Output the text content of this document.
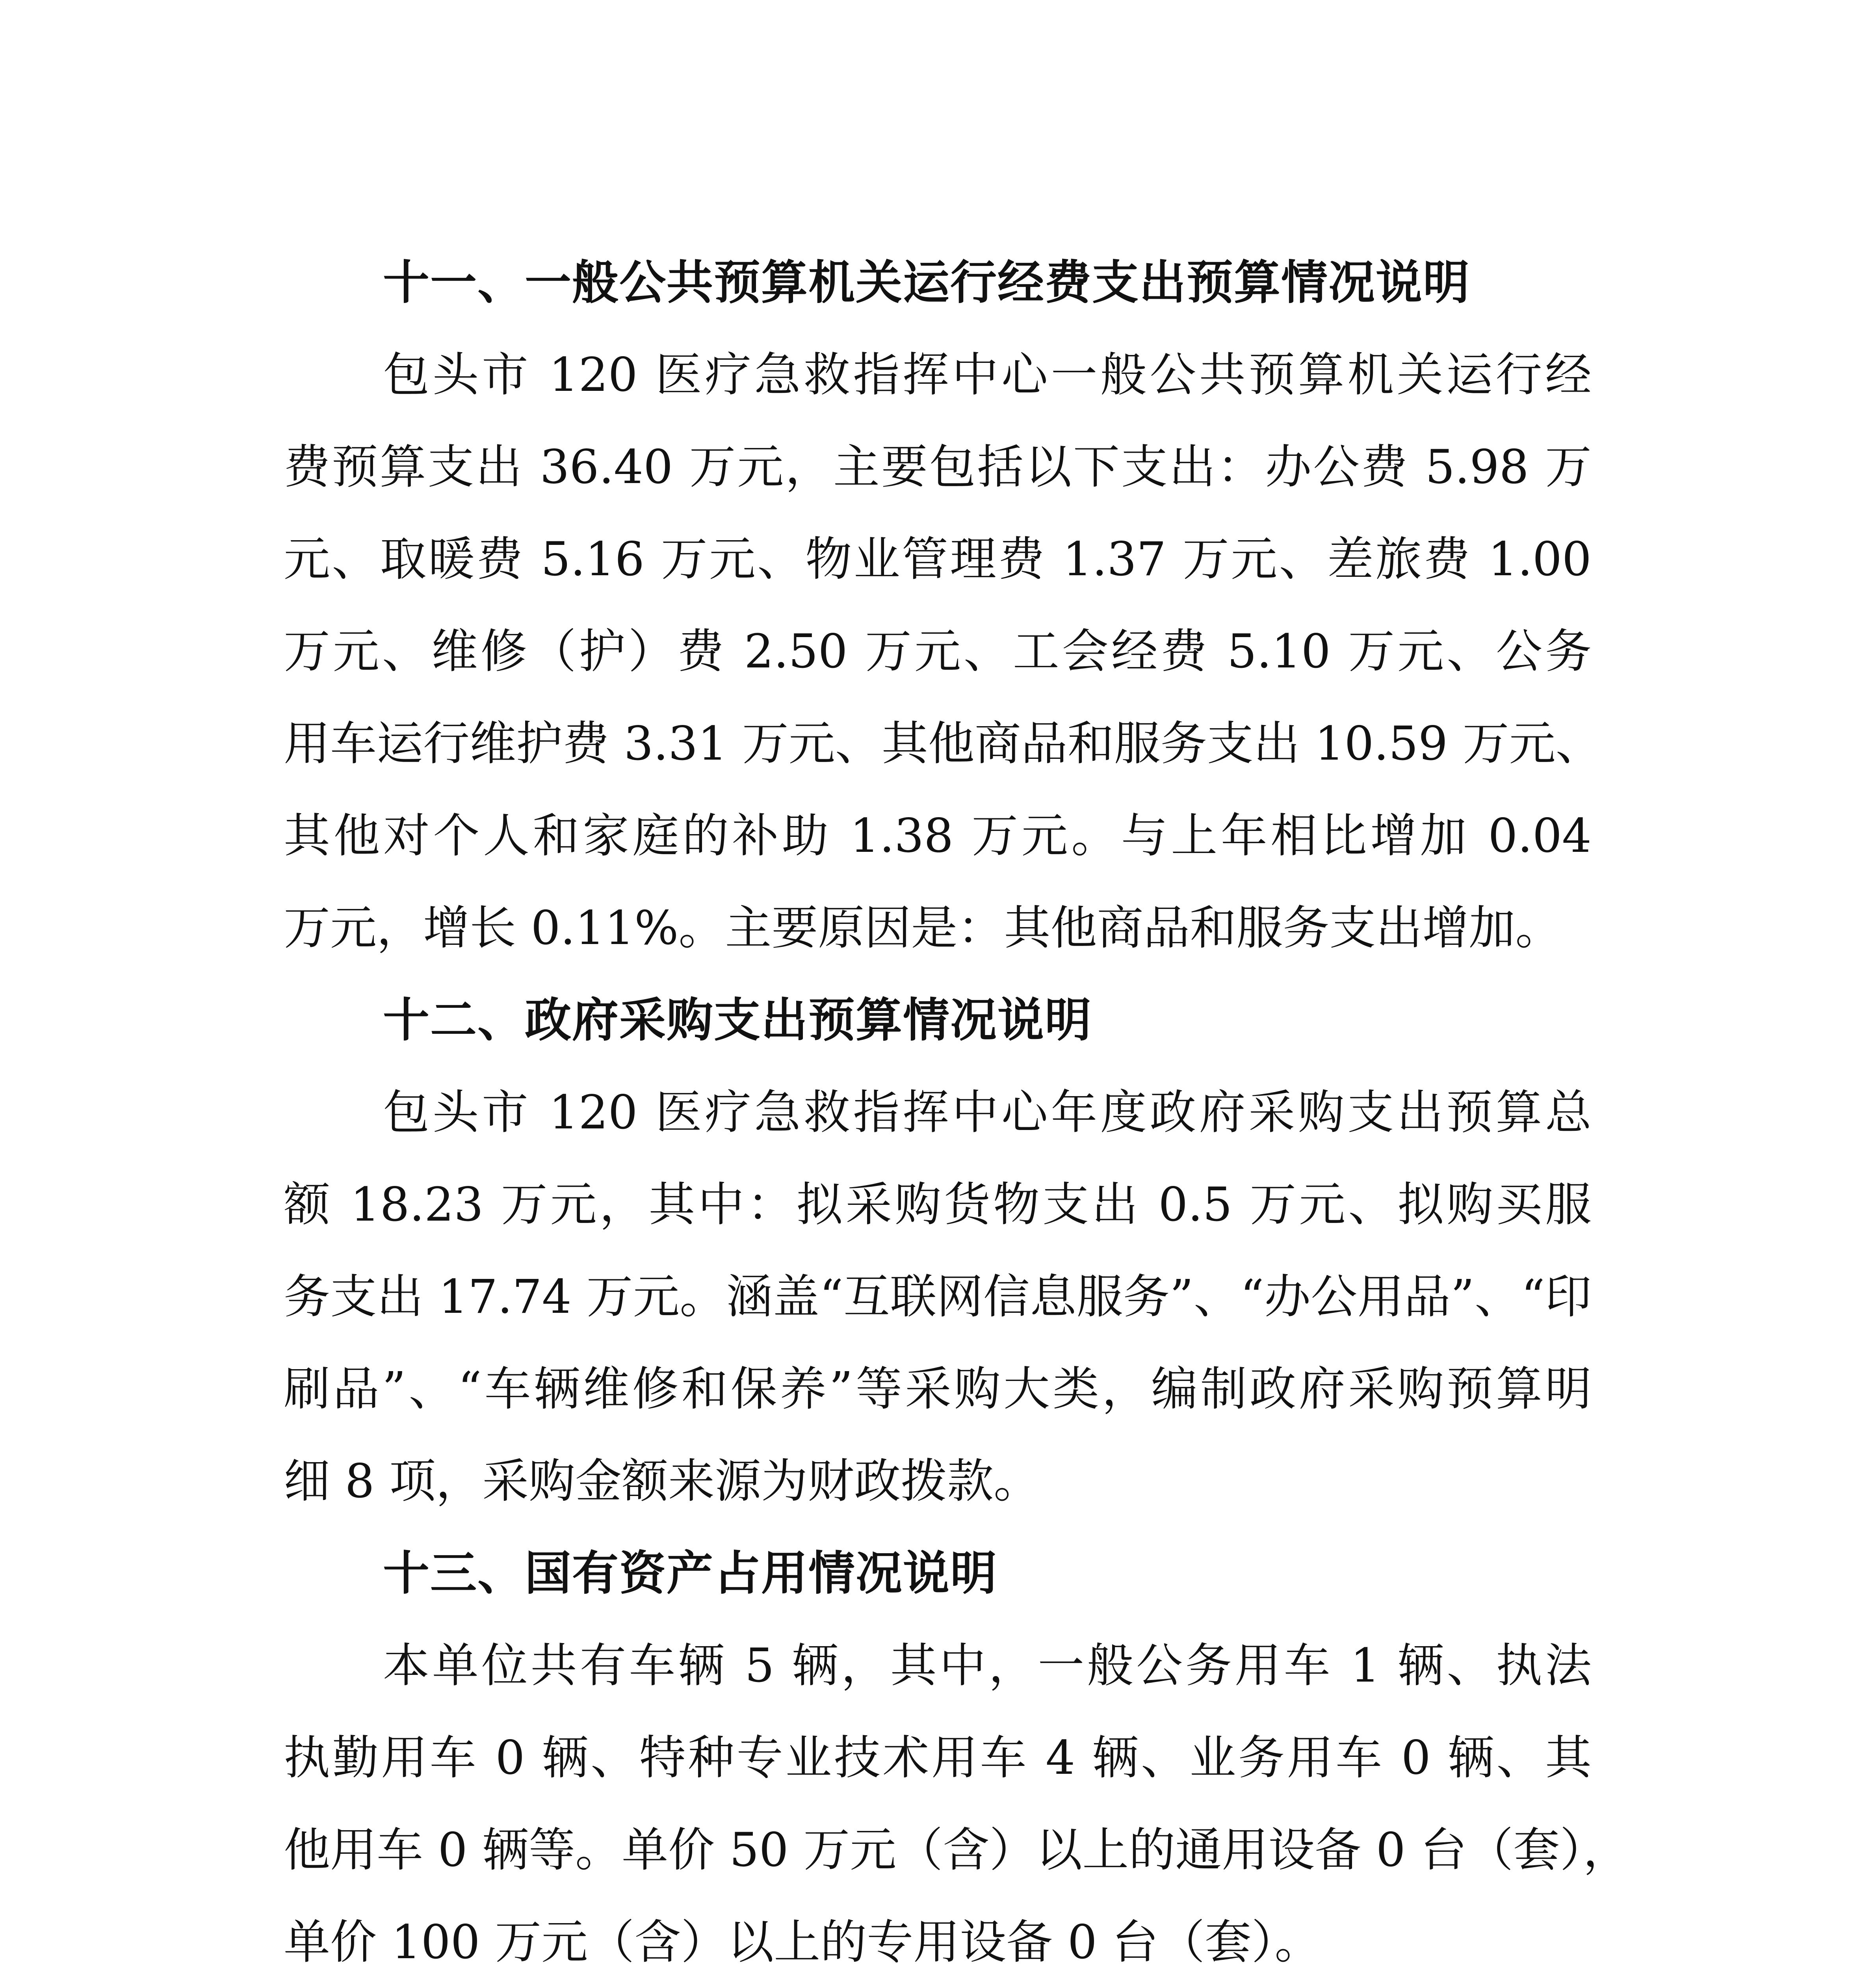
十一、一般公共预算机关运行经费支出预算情况说明

包头市 120 医疗急救指挥中心一般公共预算机关运行经
费预算支出 36.40 万元，主要包括以下支出：办公费 5.98 万
元、取暖费 5.16 万元、物业管理费 1.37 万元、差旅费 1.00
万元、维修（护）费 2.50 万元、工会经费 5.10 万元、公务
用车运行维护费 3.31 万元、其他商品和服务支出 10.59 万元、
其他对个人和家庭的补助 1.38 万元。与上年相比增加 0.04
万元，增长 0.11%。主要原因是：其他商品和服务支出增加。

十二、政府采购支出预算情况说明

包头市 120 医疗急救指挥中心年度政府采购支出预算总
额 18.23 万元，其中：拟采购货物支出 0.5 万元、拟购买服
务支出 17.74 万元。涵盖“互联网信息服务”、“办公用品”、“印
刷品”、“车辆维修和保养”等采购大类，编制政府采购预算明
细 8 项，采购金额来源为财政拨款。

十三、国有资产占用情况说明

本单位共有车辆 5 辆，其中，一般公务用车 1 辆、执法
执勤用车 0 辆、特种专业技术用车 4 辆、业务用车 0 辆、其
他用车 0 辆等。单价 50 万元（含）以上的通用设备 0 台（套），
单价 100 万元（含）以上的专用设备 0 台（套）。
